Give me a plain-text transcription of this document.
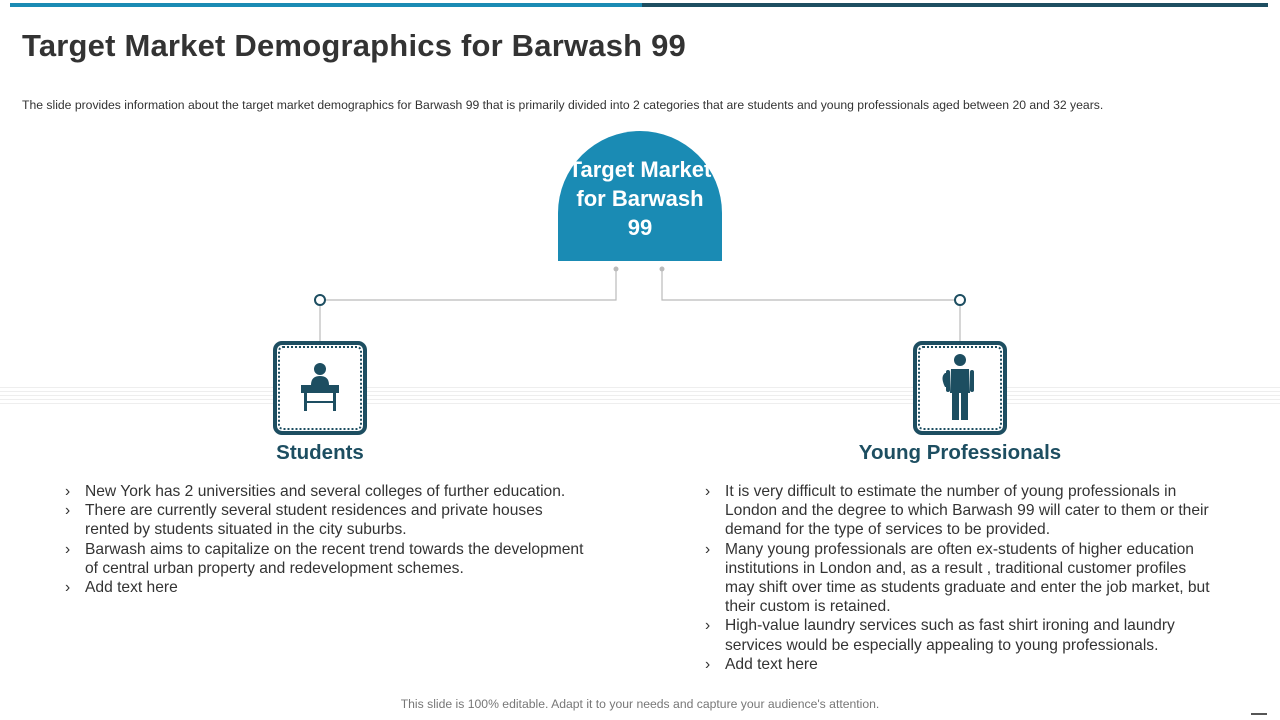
Target Market Demographics for Barwash 99
The slide provides information about the target market demographics for Barwash 99 that is primarily divided into 2 categories that are students and young professionals aged between 20 and 32 years.
Target Market for Barwash 99
Students	Young Professionals
› New York has 2 universities and several colleges of further education.
› There are currently several student residences and private houses rented by students situated in the city suburbs.
› Barwash aims to capitalize on the recent trend towards the development of central urban property and redevelopment schemes.
› Add text here
› It is very difficult to estimate the number of young professionals in London and the degree to which Barwash 99 will cater to them or their demand for the type of services to be provided.
› Many young professionals are often ex-students of higher education institutions in London and, as a result , traditional customer profiles may shift over time as students graduate and enter the job market, but their custom is retained.
› High-value laundry services such as fast shirt ironing and laundry services would be especially appealing to young professionals.
› Add text here
This slide is 100% editable. Adapt it to your needs and capture your audience's attention.
